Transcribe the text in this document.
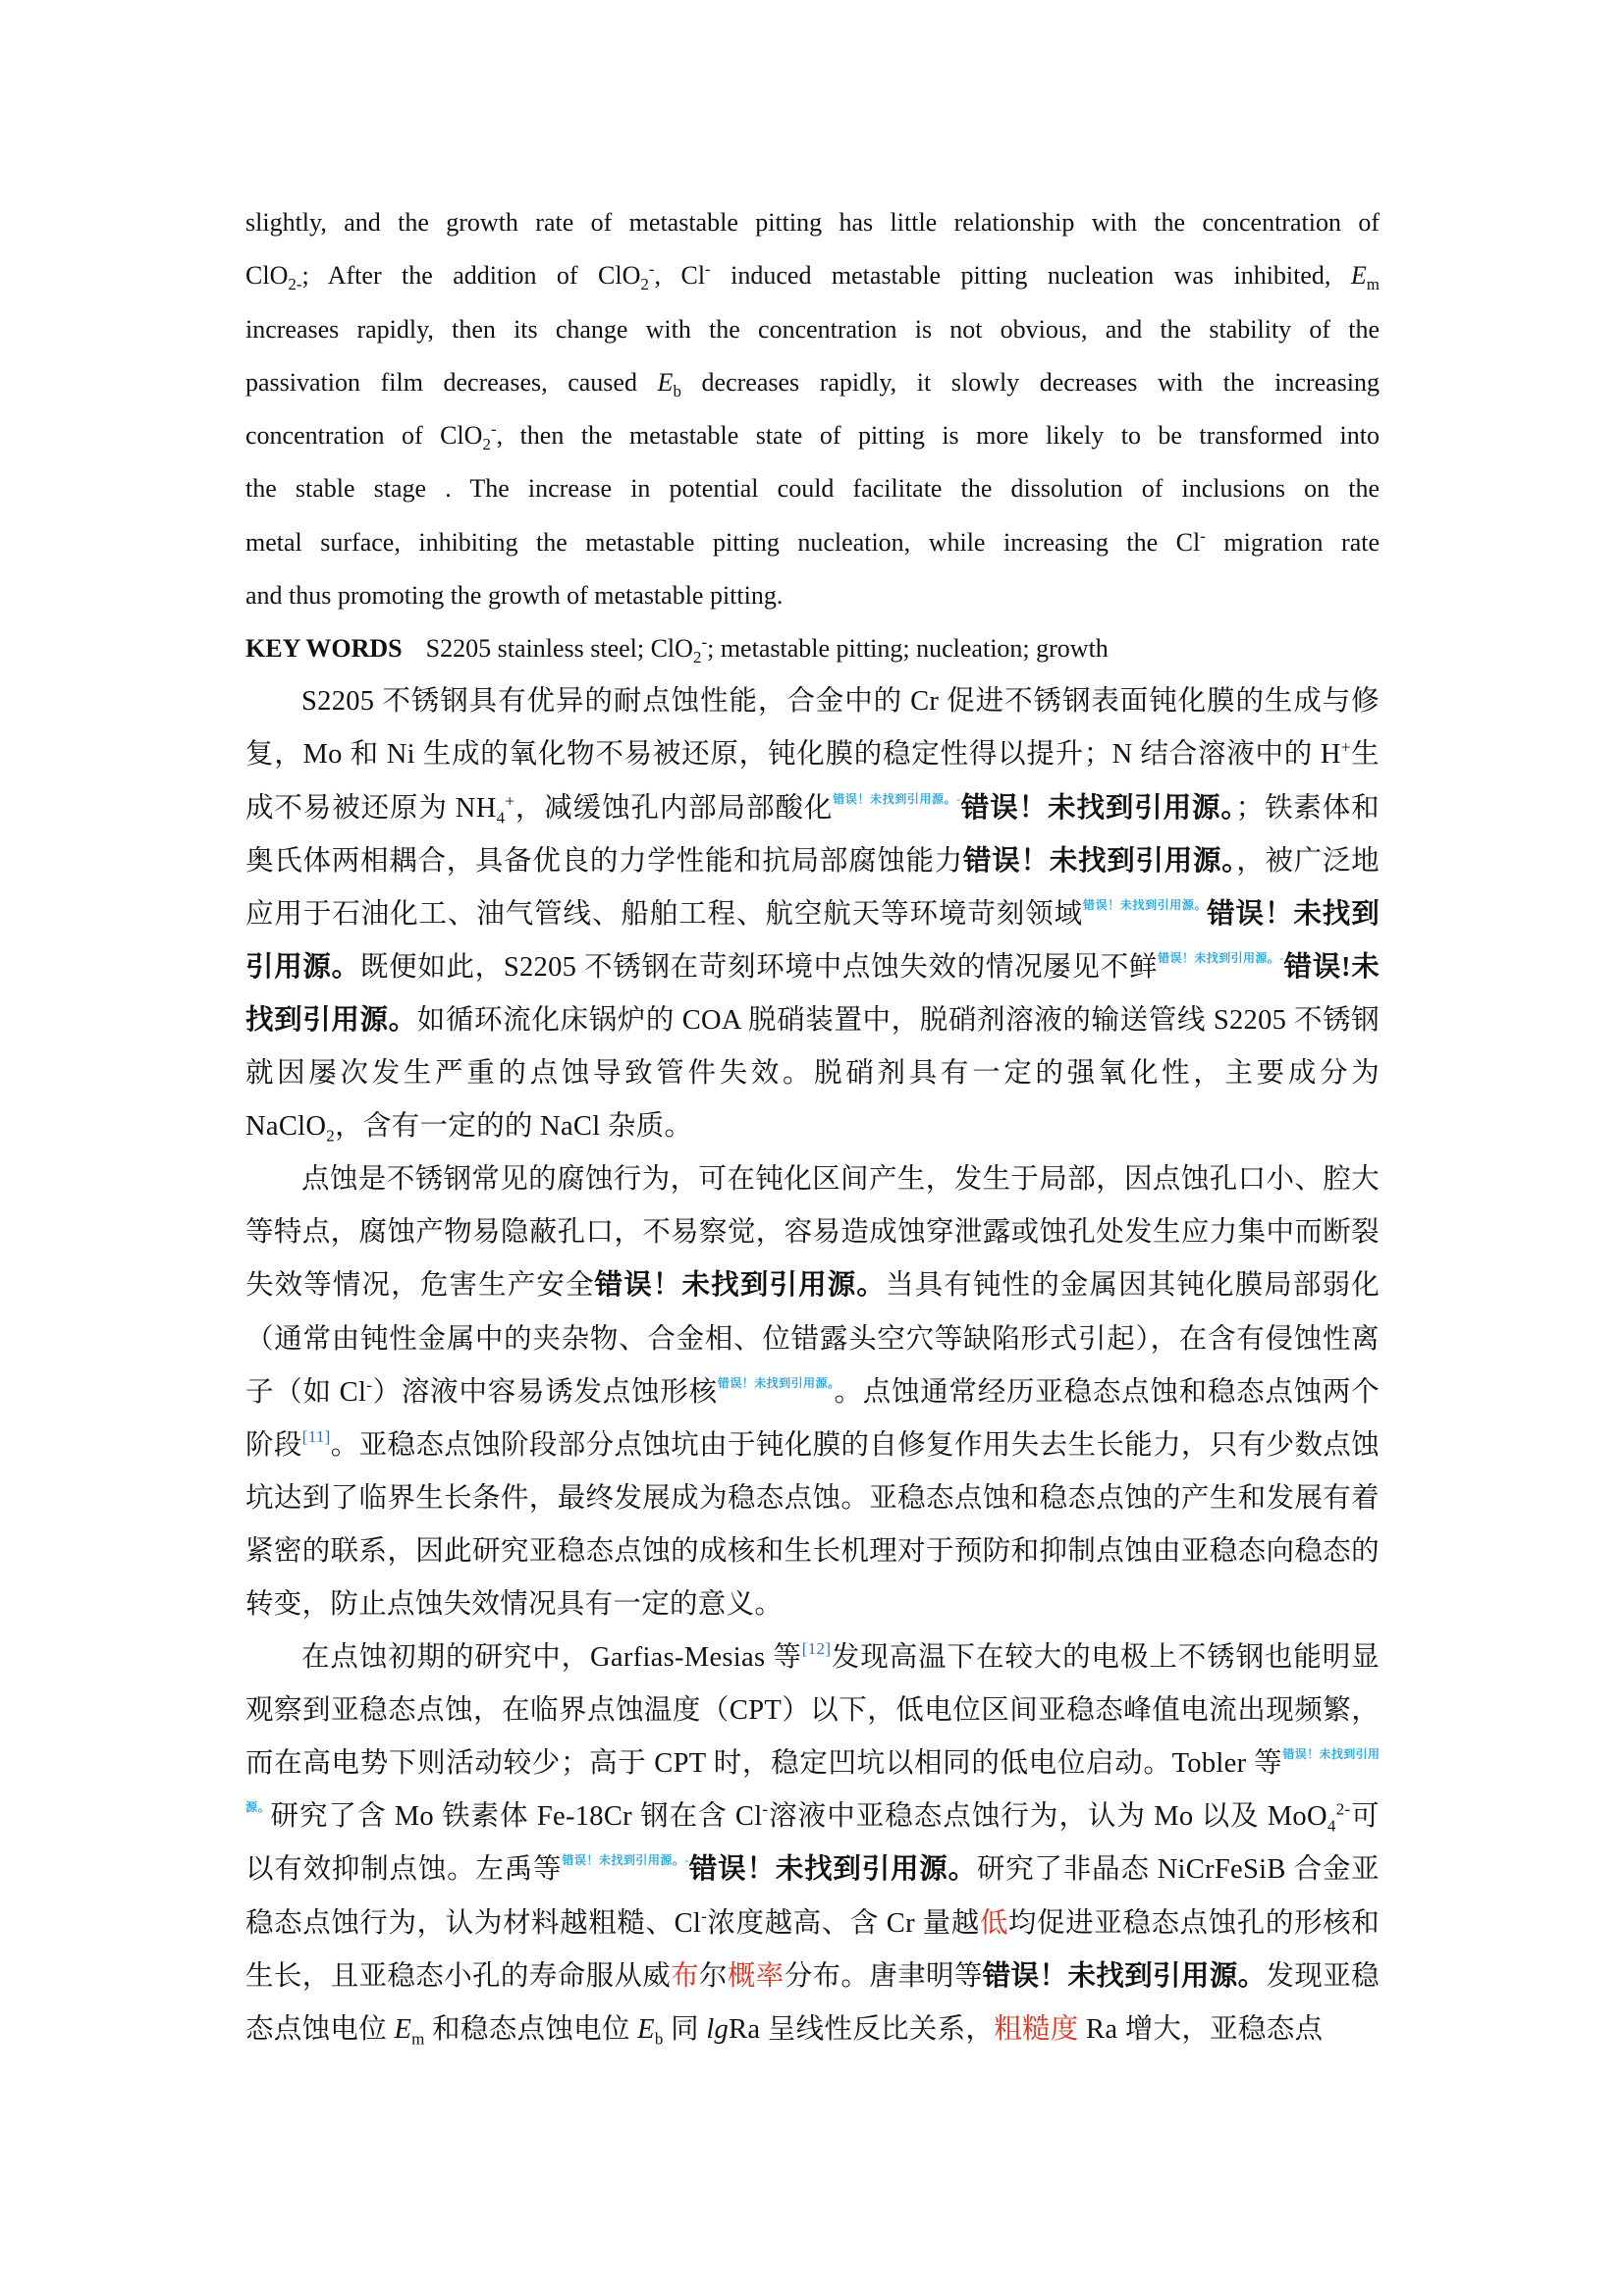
slightly, and the growth rate of metastable pitting has little relationship with the concentration of

ClO$_{2-}$; After the addition of ClO$_2$-, Cl- induced metastable pitting nucleation was inhibited, $E_m$

increases rapidly, then its change with the concentration is not obvious, and the stability of the

passivation film decreases, caused $E_b$ decreases rapidly, it slowly decreases with the increasing

concentration of ClO$_2$-, then the metastable state of pitting is more likely to be transformed into

the stable stage . The increase in potential could facilitate the dissolution of inclusions on the

metal surface, inhibiting the metastable pitting nucleation, while increasing the Cl- migration rate

and thus promoting the growth of metastable pitting.

KEY WORDS S2205 stainless steel; ClO$_2$-; metastable pitting; nucleation; growth

S2205 不锈钢具有优异的耐点蚀性能，合金中的 Cr 促进不锈钢表面钝化膜的生成与修复，Mo 和 Ni 生成的氧化物不易被还原，钝化膜的稳定性得以提升；N 结合溶液中的 H+生成不易被还原为 $NH_4^+$，减缓蚀孔内部局部酸化$^{错误!未找到引用源。-}$错误！未找到引用源。；铁素体和奥氏体两相耦合，具备优良的力学性能和抗局部腐蚀能力错误！未找到引用源。，被广泛地应用于石油化工、油气管线、船舶工程、航空航天等环境苛刻领域$^{错误!未找到引用源。}$错误！未找到引用源。既便如此，S2205 不锈钢在苛刻环境中点蚀失效的情况屡见不鲜$^{错误!未找到引用源。-}$错误!未找到引用源。如循环流化床锅炉的 COA 脱硝装置中，脱硝剂溶液的输送管线 S2205 不锈钢就因屡次发生严重的点蚀导致管件失效。脱硝剂具有一定的强氧化性，主要成分为 NaClO$_2$，含有一定的的 NaCl 杂质。

点蚀是不锈钢常见的腐蚀行为，可在钝化区间产生，发生于局部，因点蚀孔口小、腔大等特点，腐蚀产物易隐蔽孔口，不易察觉，容易造成蚀穿泄露或蚀孔处发生应力集中而断裂失效等情况，危害生产安全错误！未找到引用源。当具有钝性的金属因其钝化膜局部弱化（通常由钝性金属中的夹杂物、合金相、位错露头空穴等缺陷形式引起），在含有侵蚀性离子（如 Cl-）溶液中容易诱发点蚀形核$^{错误!未找到引用源。}$。点蚀通常经历亚稳态点蚀和稳态点蚀两个阶段[11]。亚稳态点蚀阶段部分点蚀坑由于钝化膜的自修复作用失去生长能力，只有少数点蚀坑达到了临界生长条件，最终发展成为稳态点蚀。亚稳态点蚀和稳态点蚀的产生和发展有着紧密的联系，因此研究亚稳态点蚀的成核和生长机理对于预防和抑制点蚀由亚稳态向稳态的转变，防止点蚀失效情况具有一定的意义。

在点蚀初期的研究中，Garfias-Mesias 等[12]发现高温下在较大的电极上不锈钢也能明显观察到亚稳态点蚀，在临界点蚀温度（CPT）以下，低电位区间亚稳态峰值电流出现频繁，而在高电势下则活动较少；高于 CPT 时，稳定凹坑以相同的低电位启动。Tobler 等$^{错误!未找到引用源。}$研究了含 Mo 铁素体 Fe-18Cr 钢在含 Cl-溶液中亚稳态点蚀行为，认为 Mo 以及 MoO$_4^{2-}$可以有效抑制点蚀。左禹等$^{错误!未找到引用源。-}$错误！未找到引用源。研究了非晶态 NiCrFeSiB 合金亚稳态点蚀行为，认为材料越粗糙、Cl-浓度越高、含 Cr 量越低均促进亚稳态点蚀孔的形核和生长，且亚稳态小孔的寿命服从威布尔概率分布。唐聿明等错误！未找到引用源。发现亚稳态点蚀电位 $E_m$ 和稳态点蚀电位 $E_b$ 同 lgRa 呈线性反比关系，粗糙度 Ra 增大，亚稳态点
